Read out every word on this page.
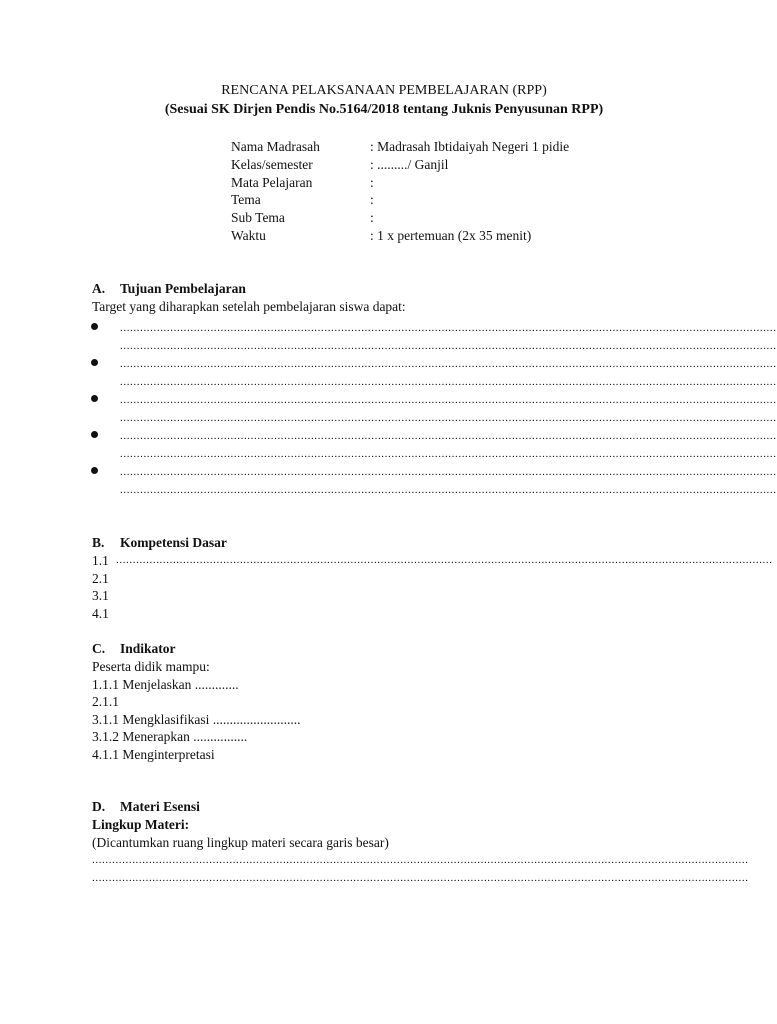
RENCANA PELAKSANAAN PEMBELAJARAN (RPP)
(Sesuai SK Dirjen Pendis No.5164/2018 tentang Juknis Penyusunan RPP)
Nama Madrasah	: Madrasah Ibtidaiyah Negeri 1 pidie
Kelas/semester	: ........./ Ganjil
Mata Pelajaran	:
Tema	:
Sub Tema	:
Waktu	: 1 x pertemuan (2x 35 menit)
A. Tujuan Pembelajaran
Target yang diharapkan setelah pembelajaran siswa dapat:
....................................................................................................................................................................................................
....................................................................................................................................................................................................
....................................................................................................................................................................................................
....................................................................................................................................................................................................
....................................................................................................................................................................................................
....................................................................................................................................................................................................
....................................................................................................................................................................................................
....................................................................................................................................................................................................
....................................................................................................................................................................................................
....................................................................................................................................................................................................
B. Kompetensi Dasar
1.1 ....................................................................................................................................................................................................
2.1
3.1
4.1
C. Indikator
Peserta didik mampu:
1.1.1 Menjelaskan .............
2.1.1
3.1.1 Mengklasifikasi ..........................
3.1.2 Menerapkan ................
4.1.1 Menginterpretasi
D. Materi Esensi
Lingkup Materi:
(Dicantumkan ruang lingkup materi secara garis besar)
....................................................................................................................................................................................................
....................................................................................................................................................................................................
